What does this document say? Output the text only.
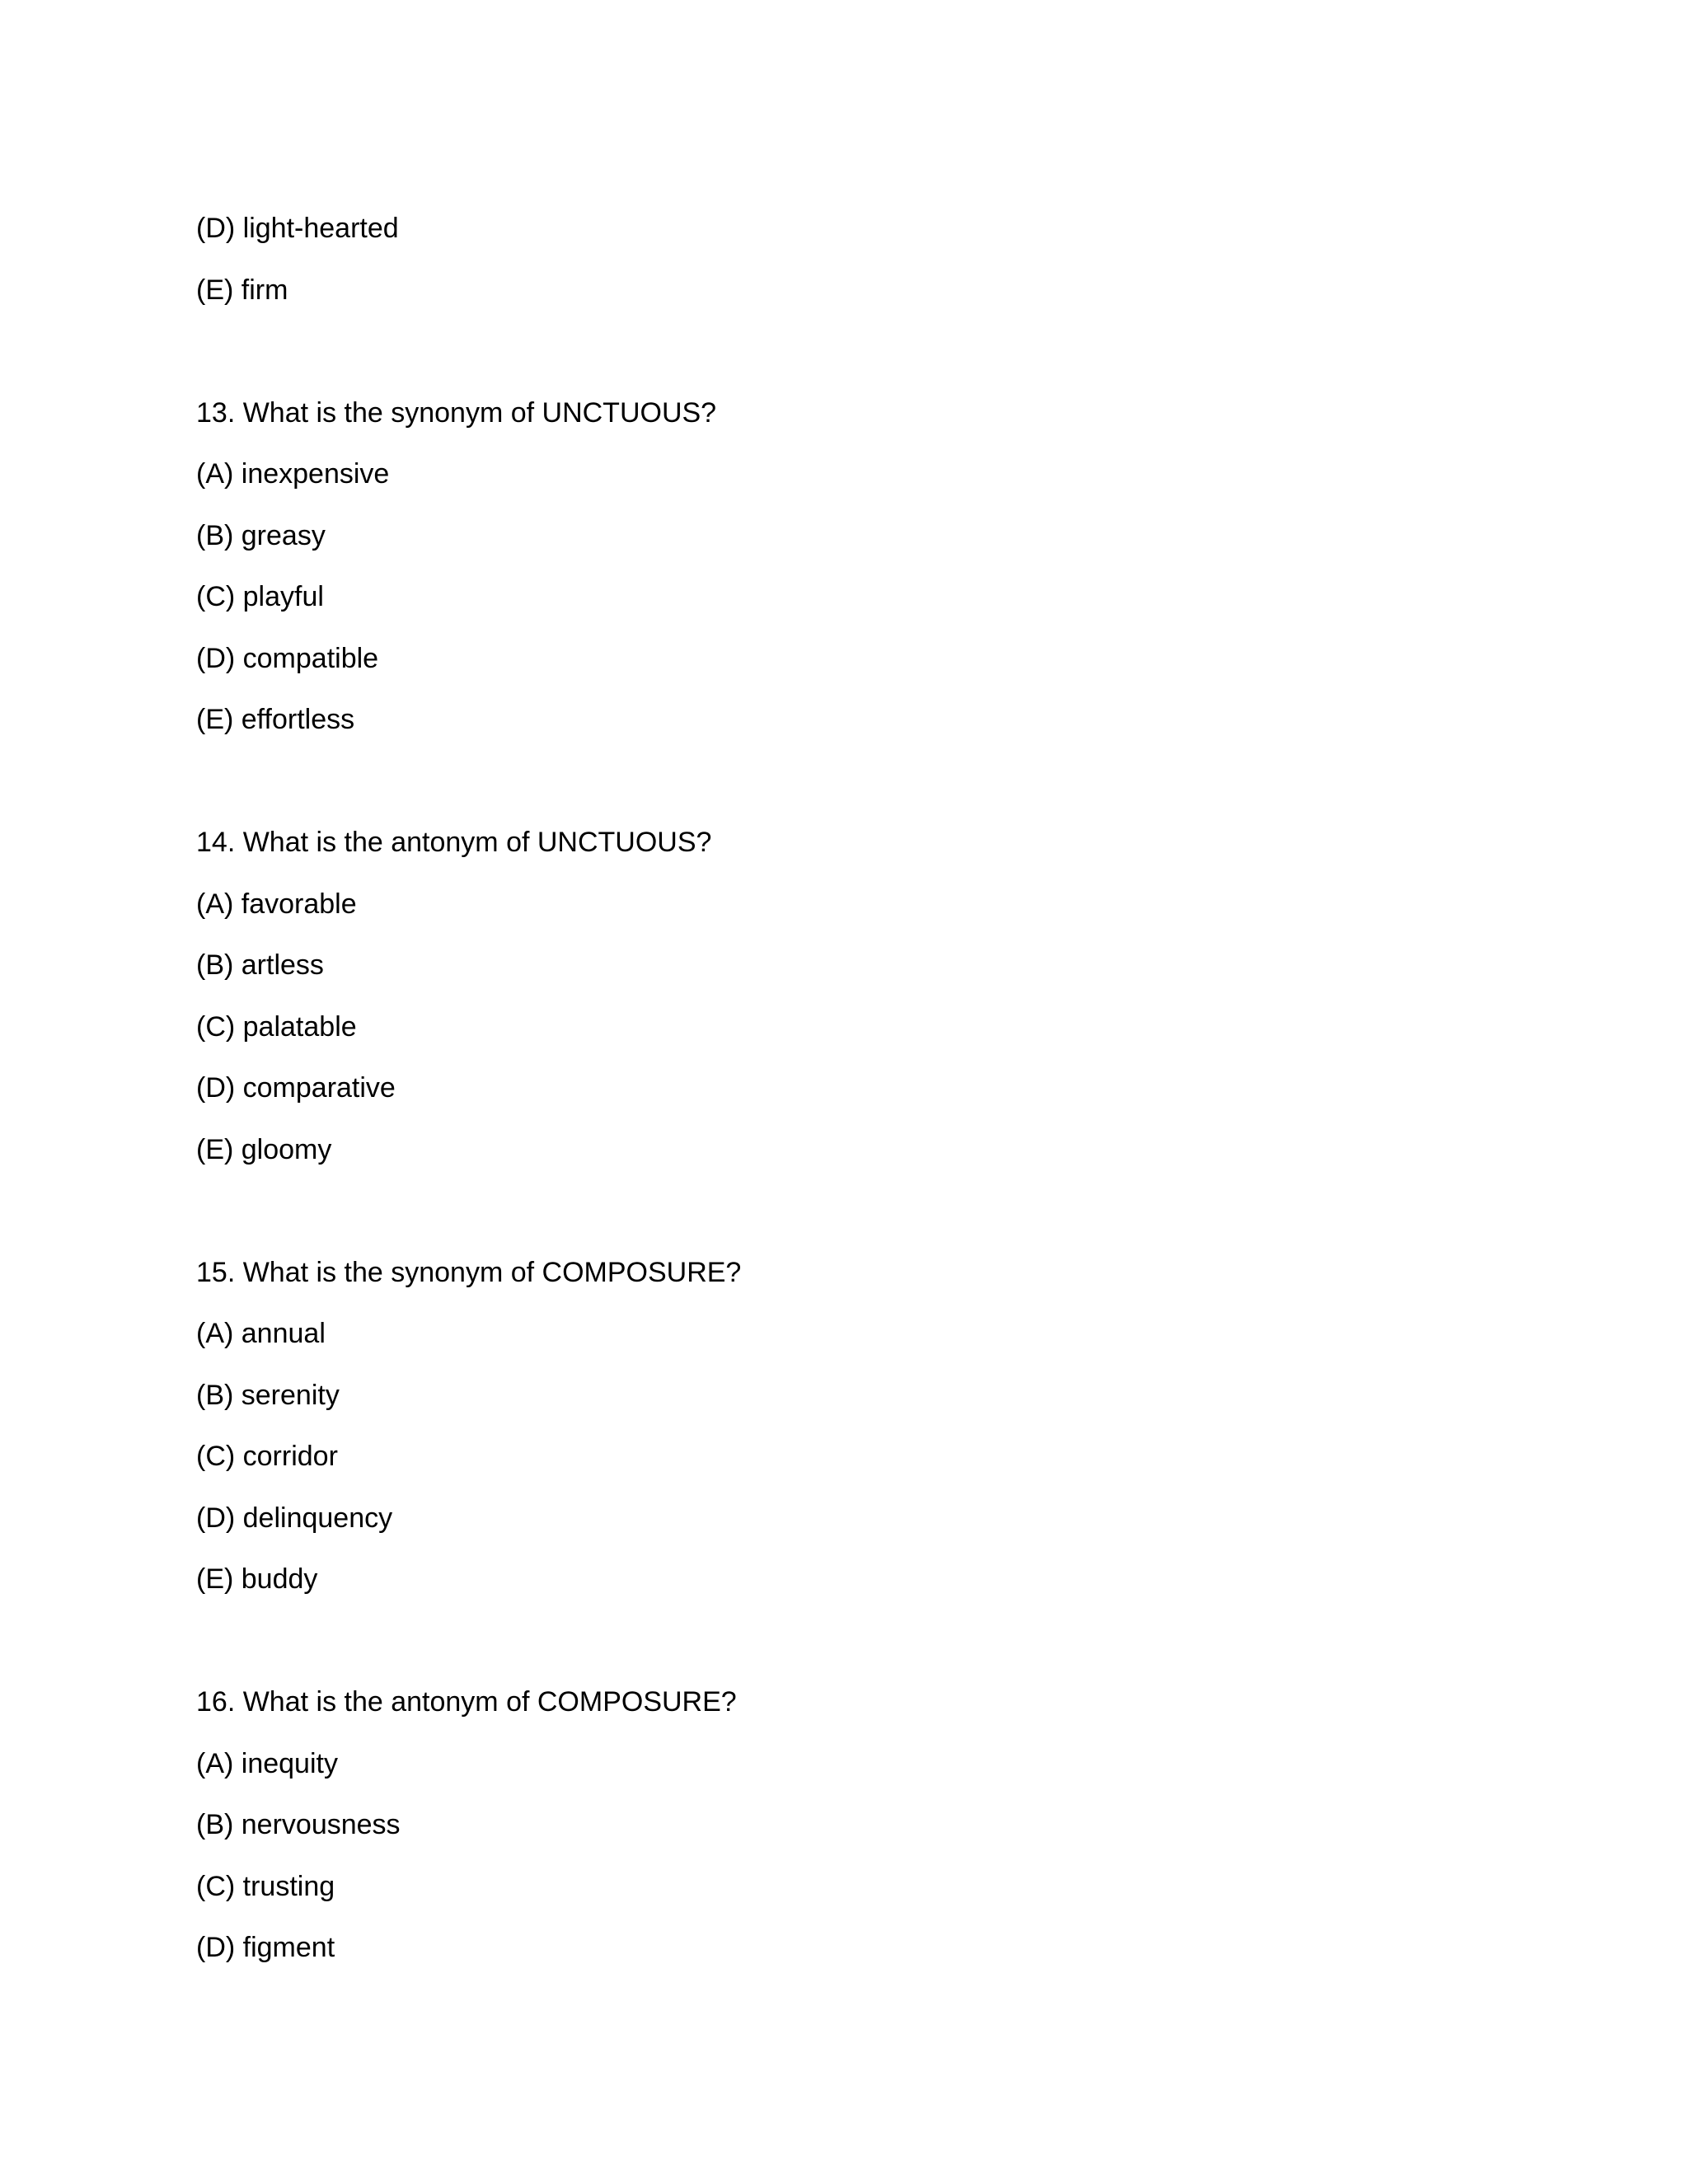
(D) light-hearted
(E) firm
13. What is the synonym of UNCTUOUS?
(A) inexpensive
(B) greasy
(C) playful
(D) compatible
(E) effortless
14. What is the antonym of UNCTUOUS?
(A) favorable
(B) artless
(C) palatable
(D) comparative
(E) gloomy
15. What is the synonym of COMPOSURE?
(A) annual
(B) serenity
(C) corridor
(D) delinquency
(E) buddy
16. What is the antonym of COMPOSURE?
(A) inequity
(B) nervousness
(C) trusting
(D) figment
